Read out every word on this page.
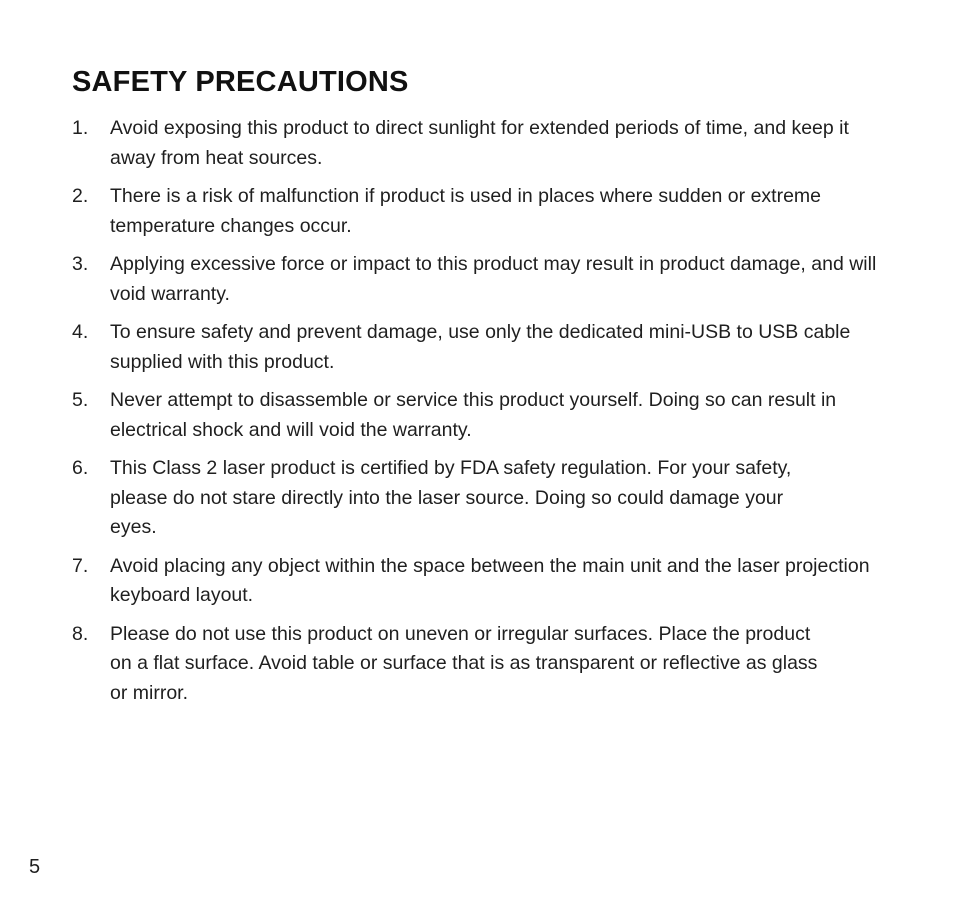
SAFETY PRECAUTIONS
1.	Avoid exposing this product to direct sunlight for extended periods of time, and keep it away from heat sources.
2.	There is a risk of malfunction if product is used in places where sudden or extreme temperature changes occur.
3.	Applying excessive force or impact to this product may result in product damage, and will void warranty.
4.	To ensure safety and prevent damage, use only the dedicated mini-USB to USB cable supplied with this product.
5.	Never attempt to disassemble or service this product yourself. Doing so can result in electrical shock and will void the warranty.
6.	This Class 2 laser product is certified by FDA safety regulation. For your safety, please do not stare directly into the laser source. Doing so could damage your eyes.
7.	Avoid placing any object within the space between the main unit and the laser projection keyboard layout.
8.	Please do not use this product on uneven or irregular surfaces. Place the product on a flat surface. Avoid table or surface that is as transparent or reflective as glass or mirror.
5
